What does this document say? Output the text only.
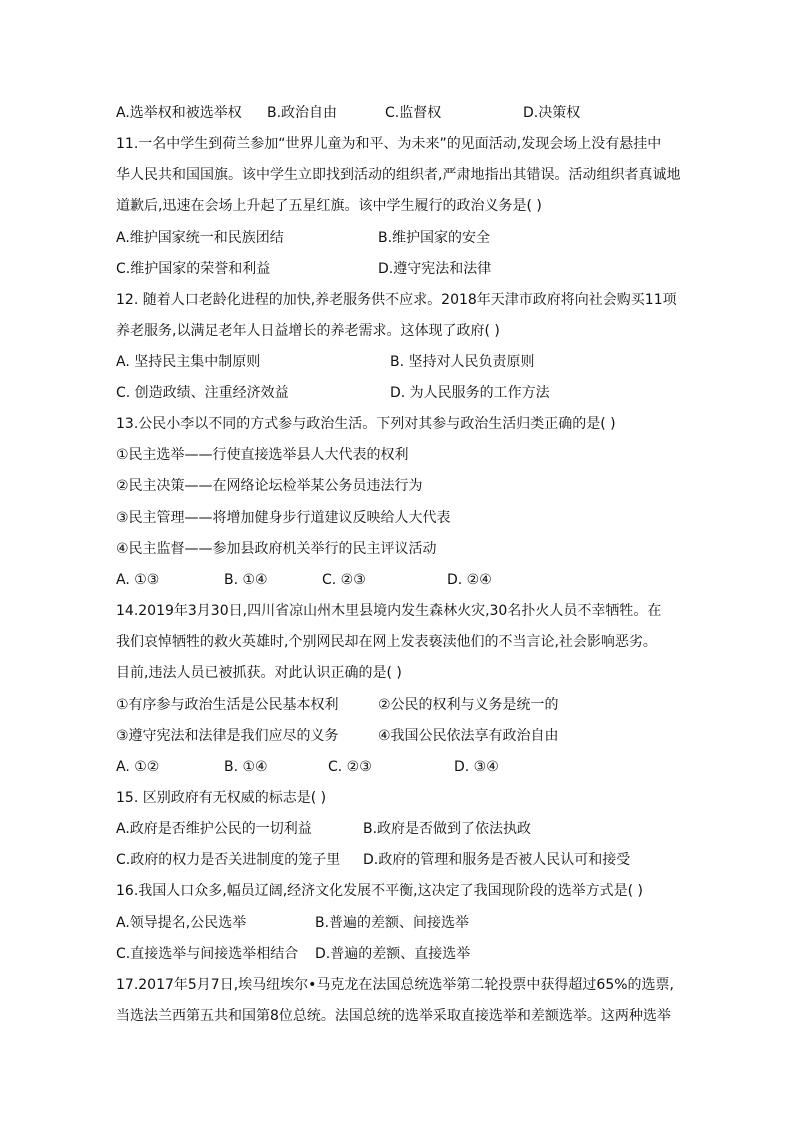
A.选举权和被选举权 B.政治自由	C.监督权	D.决策权
11.一名中学生到荷兰参加“世界儿童为和平、为未来”的见面活动,发现会场上没有悬挂中
华人民共和国国旗。该中学生立即找到活动的组织者,严肃地指出其错误。活动组织者真诚地
道歉后,迅速在会场上升起了五星红旗。该中学生履行的政治义务是( )
A.维护国家统一和民族团结	B.维护国家的安全
C.维护国家的荣誉和利益	D.遵守宪法和法律
12. 随着人口老龄化进程的加快,养老服务供不应求。2018年天津市政府将向社会购买11项
养老服务,以满足老年人日益增长的养老需求。这体现了政府( )
A. 坚持民主集中制原则	B. 坚持对人民负责原则
C. 创造政绩、注重经济效益	D. 为人民服务的工作方法
13.公民小李以不同的方式参与政治生活。下列对其参与政治生活归类正确的是( )
①民主选举——行使直接选举县人大代表的权利
②民主决策——在网络论坛检举某公务员违法行为
③民主管理——将增加健身步行道建议反映给人大代表
④民主监督——参加县政府机关举行的民主评议活动
A. ①③	B. ①④	C. ②③	D. ②④
14.2019年3月30日,四川省凉山州木里县境内发生森林火灾,30名扑火人员不幸牺牲。在
我们哀悼牺牲的救火英雄时,个别网民却在网上发表亵渎他们的不当言论,社会影响恶劣。
目前,违法人员已被抓获。对此认识正确的是( )
①有序参与政治生活是公民基本权利	②公民的权利与义务是统一的
③遵守宪法和法律是我们应尽的义务	④我国公民依法享有政治自由
A. ①②	B. ①④	C. ②③	D. ③④
15. 区别政府有无权威的标志是( )
A.政府是否维护公民的一切利益	B.政府是否做到了依法执政
C.政府的权力是否关进制度的笼子里 D.政府的管理和服务是否被人民认可和接受
16.我国人口众多,幅员辽阔,经济文化发展不平衡,这决定了我国现阶段的选举方式是( )
A.领导提名,公民选举	B.普遍的差额、间接选举
C.直接选举与间接选举相结合 D.普遍的差额、直接选举
17.2017年5月7日,埃马纽埃尔•马克龙在法国总统选举第二轮投票中获得超过65%的选票,
当选法兰西第五共和国第8位总统。法国总统的选举采取直接选举和差额选举。这两种选举
